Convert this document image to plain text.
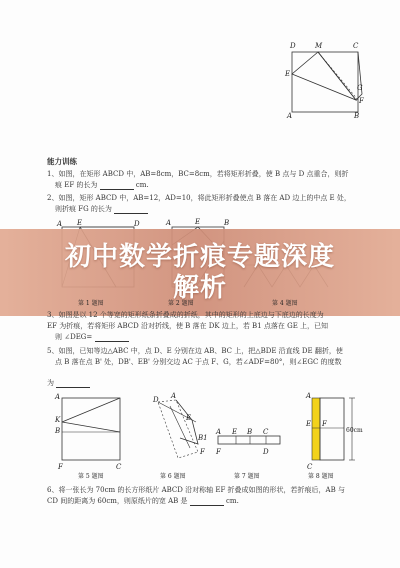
D	M	C
E
G
F
A	B
能力训练
1、如图，在矩形 ABCD 中，AB=8cm，BC=8cm，若将矩形折叠，使 B 点与 D 点重合，则折
痕 EF 的长为	cm.
2、如图，矩形 ABCD 中，AB=12，AD=10，将此矩形折叠使点 B 落在 AD 边上的中点 E 处，
则折痕 FG 的长为
A E	D	A	E	B
初中数学折痕专题深度
解析
第 1 题图	第 2 题图	第 4 题图
3、如图是以 12 个等宽的矩形纸条折叠成的折纸，其中的矩形的上底边与下底边的长度为
EF 为折痕，若将矩形 ABCD 沿对折线，使 B 落在 DK 边上，若 B1 点落在 GE 上，已知
则 ∠DEG=
5、如图，已知等边△ABC 中，点 D、E 分别在边 AB、BC 上，把△BDE 沿直线 DE 翻折，使
点 B 落在点 B' 处，DB'、EB' 分别交边 AC 于点 F、G，若∠ADF=80°，则∠EGC 的度数
为
A
K
B
F	C
D A
E
B1
F
A E B C
F	D
60cm
A
E
C
F
第 5 题图	第 6 题图	第 7 题图	第 8 题图
6、将一张长为 70cm 的长方形纸片 ABCD 沿对称轴 EF 折叠成如图的形状，若折痕后，AB 与
CD 间的距离为 60cm，则原纸片的宽 AB 是	cm.
